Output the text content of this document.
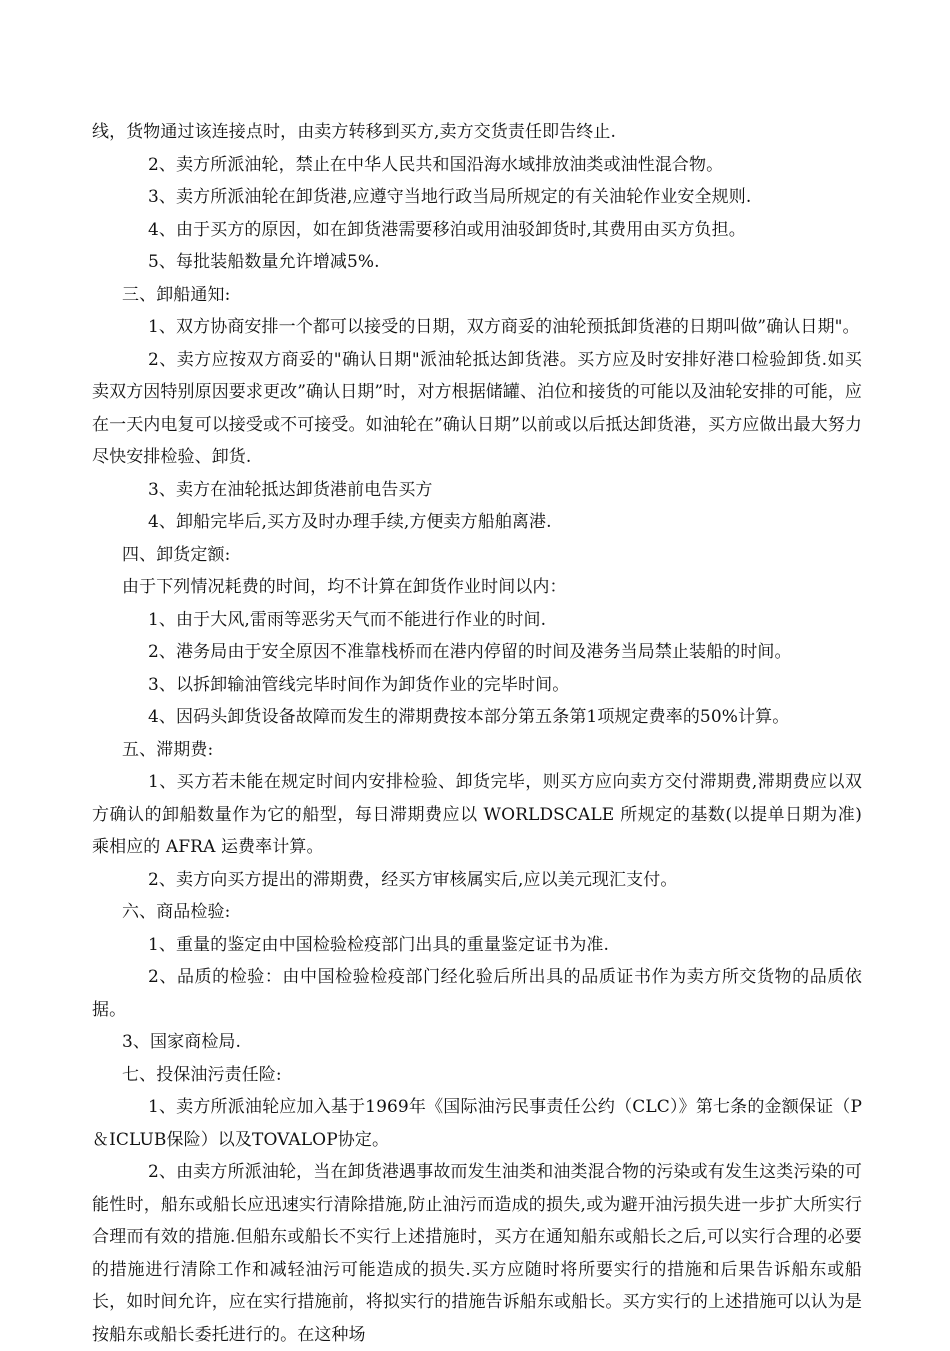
线，货物通过该连接点时，由卖方转移到买方,卖方交货责任即告终止.

2、卖方所派油轮，禁止在中华人民共和国沿海水域排放油类或油性混合物。

3、卖方所派油轮在卸货港,应遵守当地行政当局所规定的有关油轮作业安全规则.

4、由于买方的原因，如在卸货港需要移泊或用油驳卸货时,其费用由买方负担。

5、每批装船数量允许增减5%.

三、卸船通知:

1、双方协商安排一个都可以接受的日期，双方商妥的油轮预抵卸货港的日期叫做”确认日期"。

2、卖方应按双方商妥的"确认日期"派油轮抵达卸货港。买方应及时安排好港口检验卸货.如买卖双方因特别原因要求更改”确认日期”时，对方根据储罐、泊位和接货的可能以及油轮安排的可能，应在一天内电复可以接受或不可接受。如油轮在”确认日期”以前或以后抵达卸货港，买方应做出最大努力尽快安排检验、卸货.

3、卖方在油轮抵达卸货港前电告买方

4、卸船完毕后,买方及时办理手续,方便卖方船舶离港.

四、卸货定额:

由于下列情况耗费的时间，均不计算在卸货作业时间以内：

1、由于大风,雷雨等恶劣天气而不能进行作业的时间.

2、港务局由于安全原因不准靠栈桥而在港内停留的时间及港务当局禁止装船的时间。

3、以拆卸输油管线完毕时间作为卸货作业的完毕时间。

4、因码头卸货设备故障而发生的滞期费按本部分第五条第1项规定费率的50%计算。

五、滞期费:

1、买方若未能在规定时间内安排检验、卸货完毕，则买方应向卖方交付滞期费,滞期费应以双方确认的卸船数量作为它的船型，每日滞期费应以 WORLDSCALE 所规定的基数(以提单日期为准)乘相应的 AFRA 运费率计算。

2、卖方向买方提出的滞期费，经买方审核属实后,应以美元现汇支付。

六、商品检验:

1、重量的鉴定由中国检验检疫部门出具的重量鉴定证书为准.

2、品质的检验：由中国检验检疫部门经化验后所出具的品质证书作为卖方所交货物的品质依据。

3、国家商检局.

七、投保油污责任险:

1、卖方所派油轮应加入基于1969年《国际油污民事责任公约（CLC）》第七条的金额保证（P＆ICLUB保险）以及TOVALOP协定。

2、由卖方所派油轮，当在卸货港遇事故而发生油类和油类混合物的污染或有发生这类污染的可能性时，船东或船长应迅速实行清除措施,防止油污而造成的损失,或为避开油污损失进一步扩大所实行合理而有效的措施.但船东或船长不实行上述措施时，买方在通知船东或船长之后,可以实行合理的必要的措施进行清除工作和减轻油污可能造成的损失.买方应随时将所要实行的措施和后果告诉船东或船长，如时间允许，应在实行措施前，将拟实行的措施告诉船东或船长。买方实行的上述措施可以认为是按船东或船长委托进行的。在这种场
